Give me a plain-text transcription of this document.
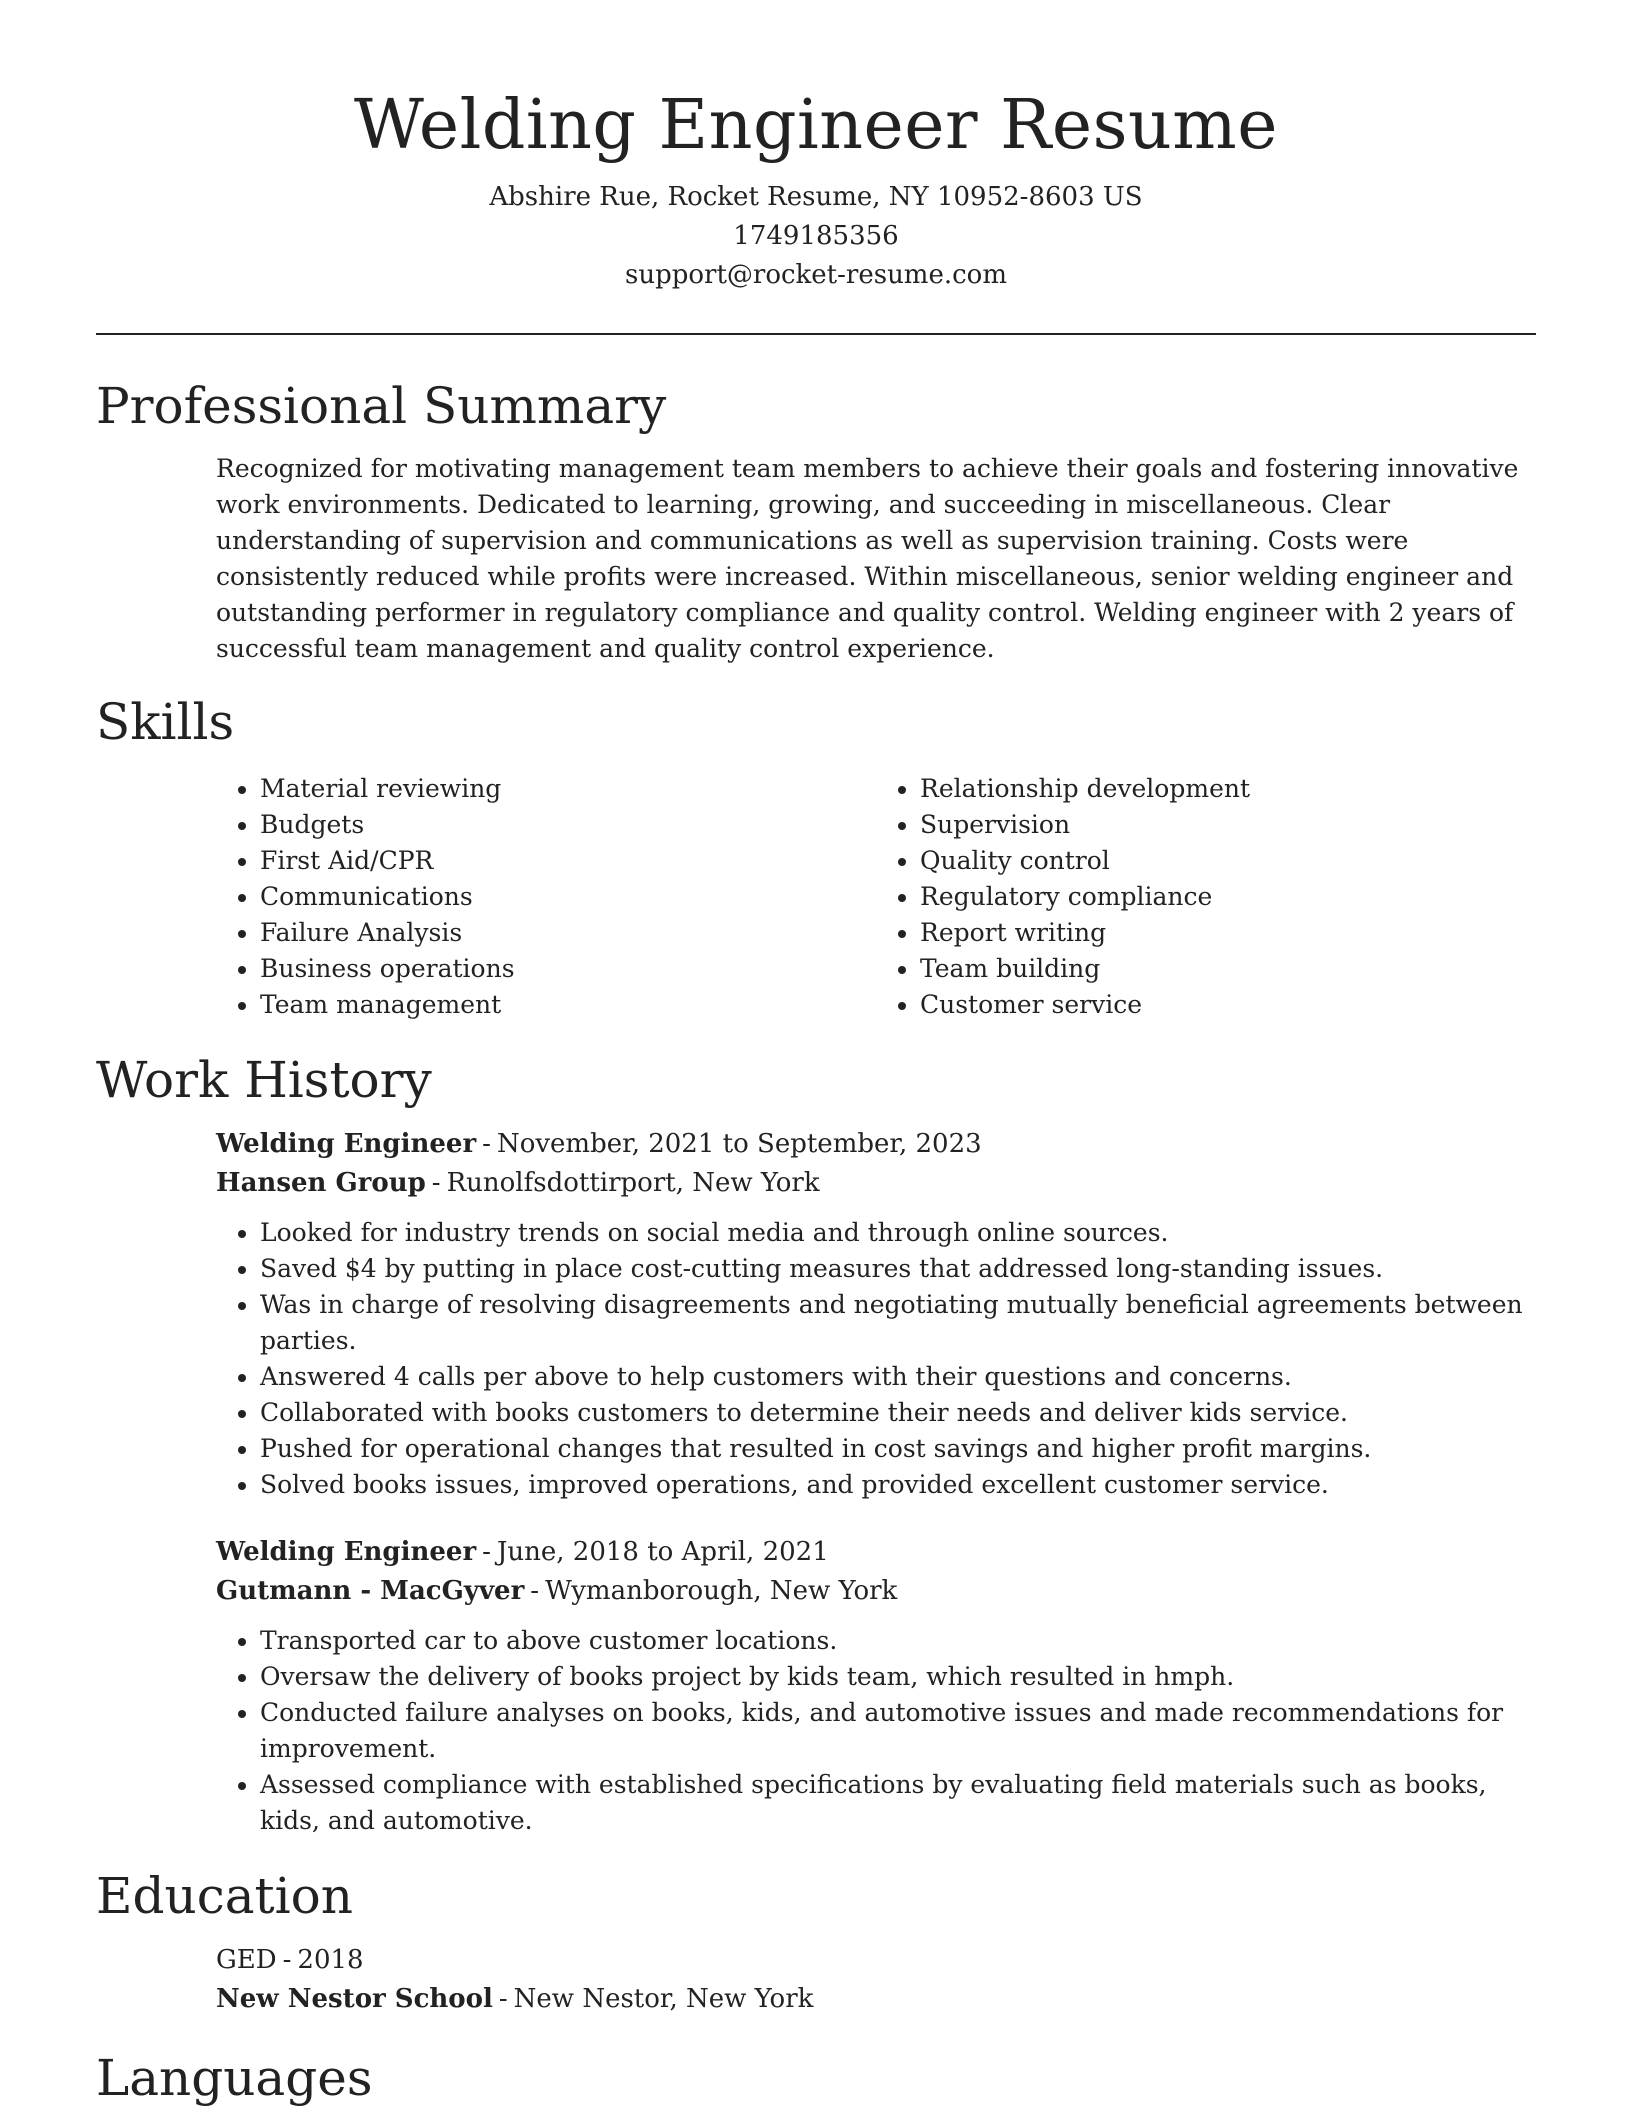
Welding Engineer Resume
Abshire Rue, Rocket Resume, NY 10952-8603 US
1749185356
support@rocket-resume.com
Professional Summary
Recognized for motivating management team members to achieve their goals and fostering innovative work environments. Dedicated to learning, growing, and succeeding in miscellaneous. Clear understanding of supervision and communications as well as supervision training. Costs were consistently reduced while profits were increased. Within miscellaneous, senior welding engineer and outstanding performer in regulatory compliance and quality control. Welding engineer with 2 years of successful team management and quality control experience.
Skills
• Material reviewing
• Budgets
• First Aid/CPR
• Communications
• Failure Analysis
• Business operations
• Team management
• Relationship development
• Supervision
• Quality control
• Regulatory compliance
• Report writing
• Team building
• Customer service
Work History
Welding Engineer - November, 2021 to September, 2023
Hansen Group - Runolfsdottirport, New York
• Looked for industry trends on social media and through online sources.
• Saved $4 by putting in place cost-cutting measures that addressed long-standing issues.
• Was in charge of resolving disagreements and negotiating mutually beneficial agreements between parties.
• Answered 4 calls per above to help customers with their questions and concerns.
• Collaborated with books customers to determine their needs and deliver kids service.
• Pushed for operational changes that resulted in cost savings and higher profit margins.
• Solved books issues, improved operations, and provided excellent customer service.
Welding Engineer - June, 2018 to April, 2021
Gutmann - MacGyver - Wymanborough, New York
• Transported car to above customer locations.
• Oversaw the delivery of books project by kids team, which resulted in hmph.
• Conducted failure analyses on books, kids, and automotive issues and made recommendations for improvement.
• Assessed compliance with established specifications by evaluating field materials such as books, kids, and automotive.
Education
GED - 2018
New Nestor School - New Nestor, New York
Languages
